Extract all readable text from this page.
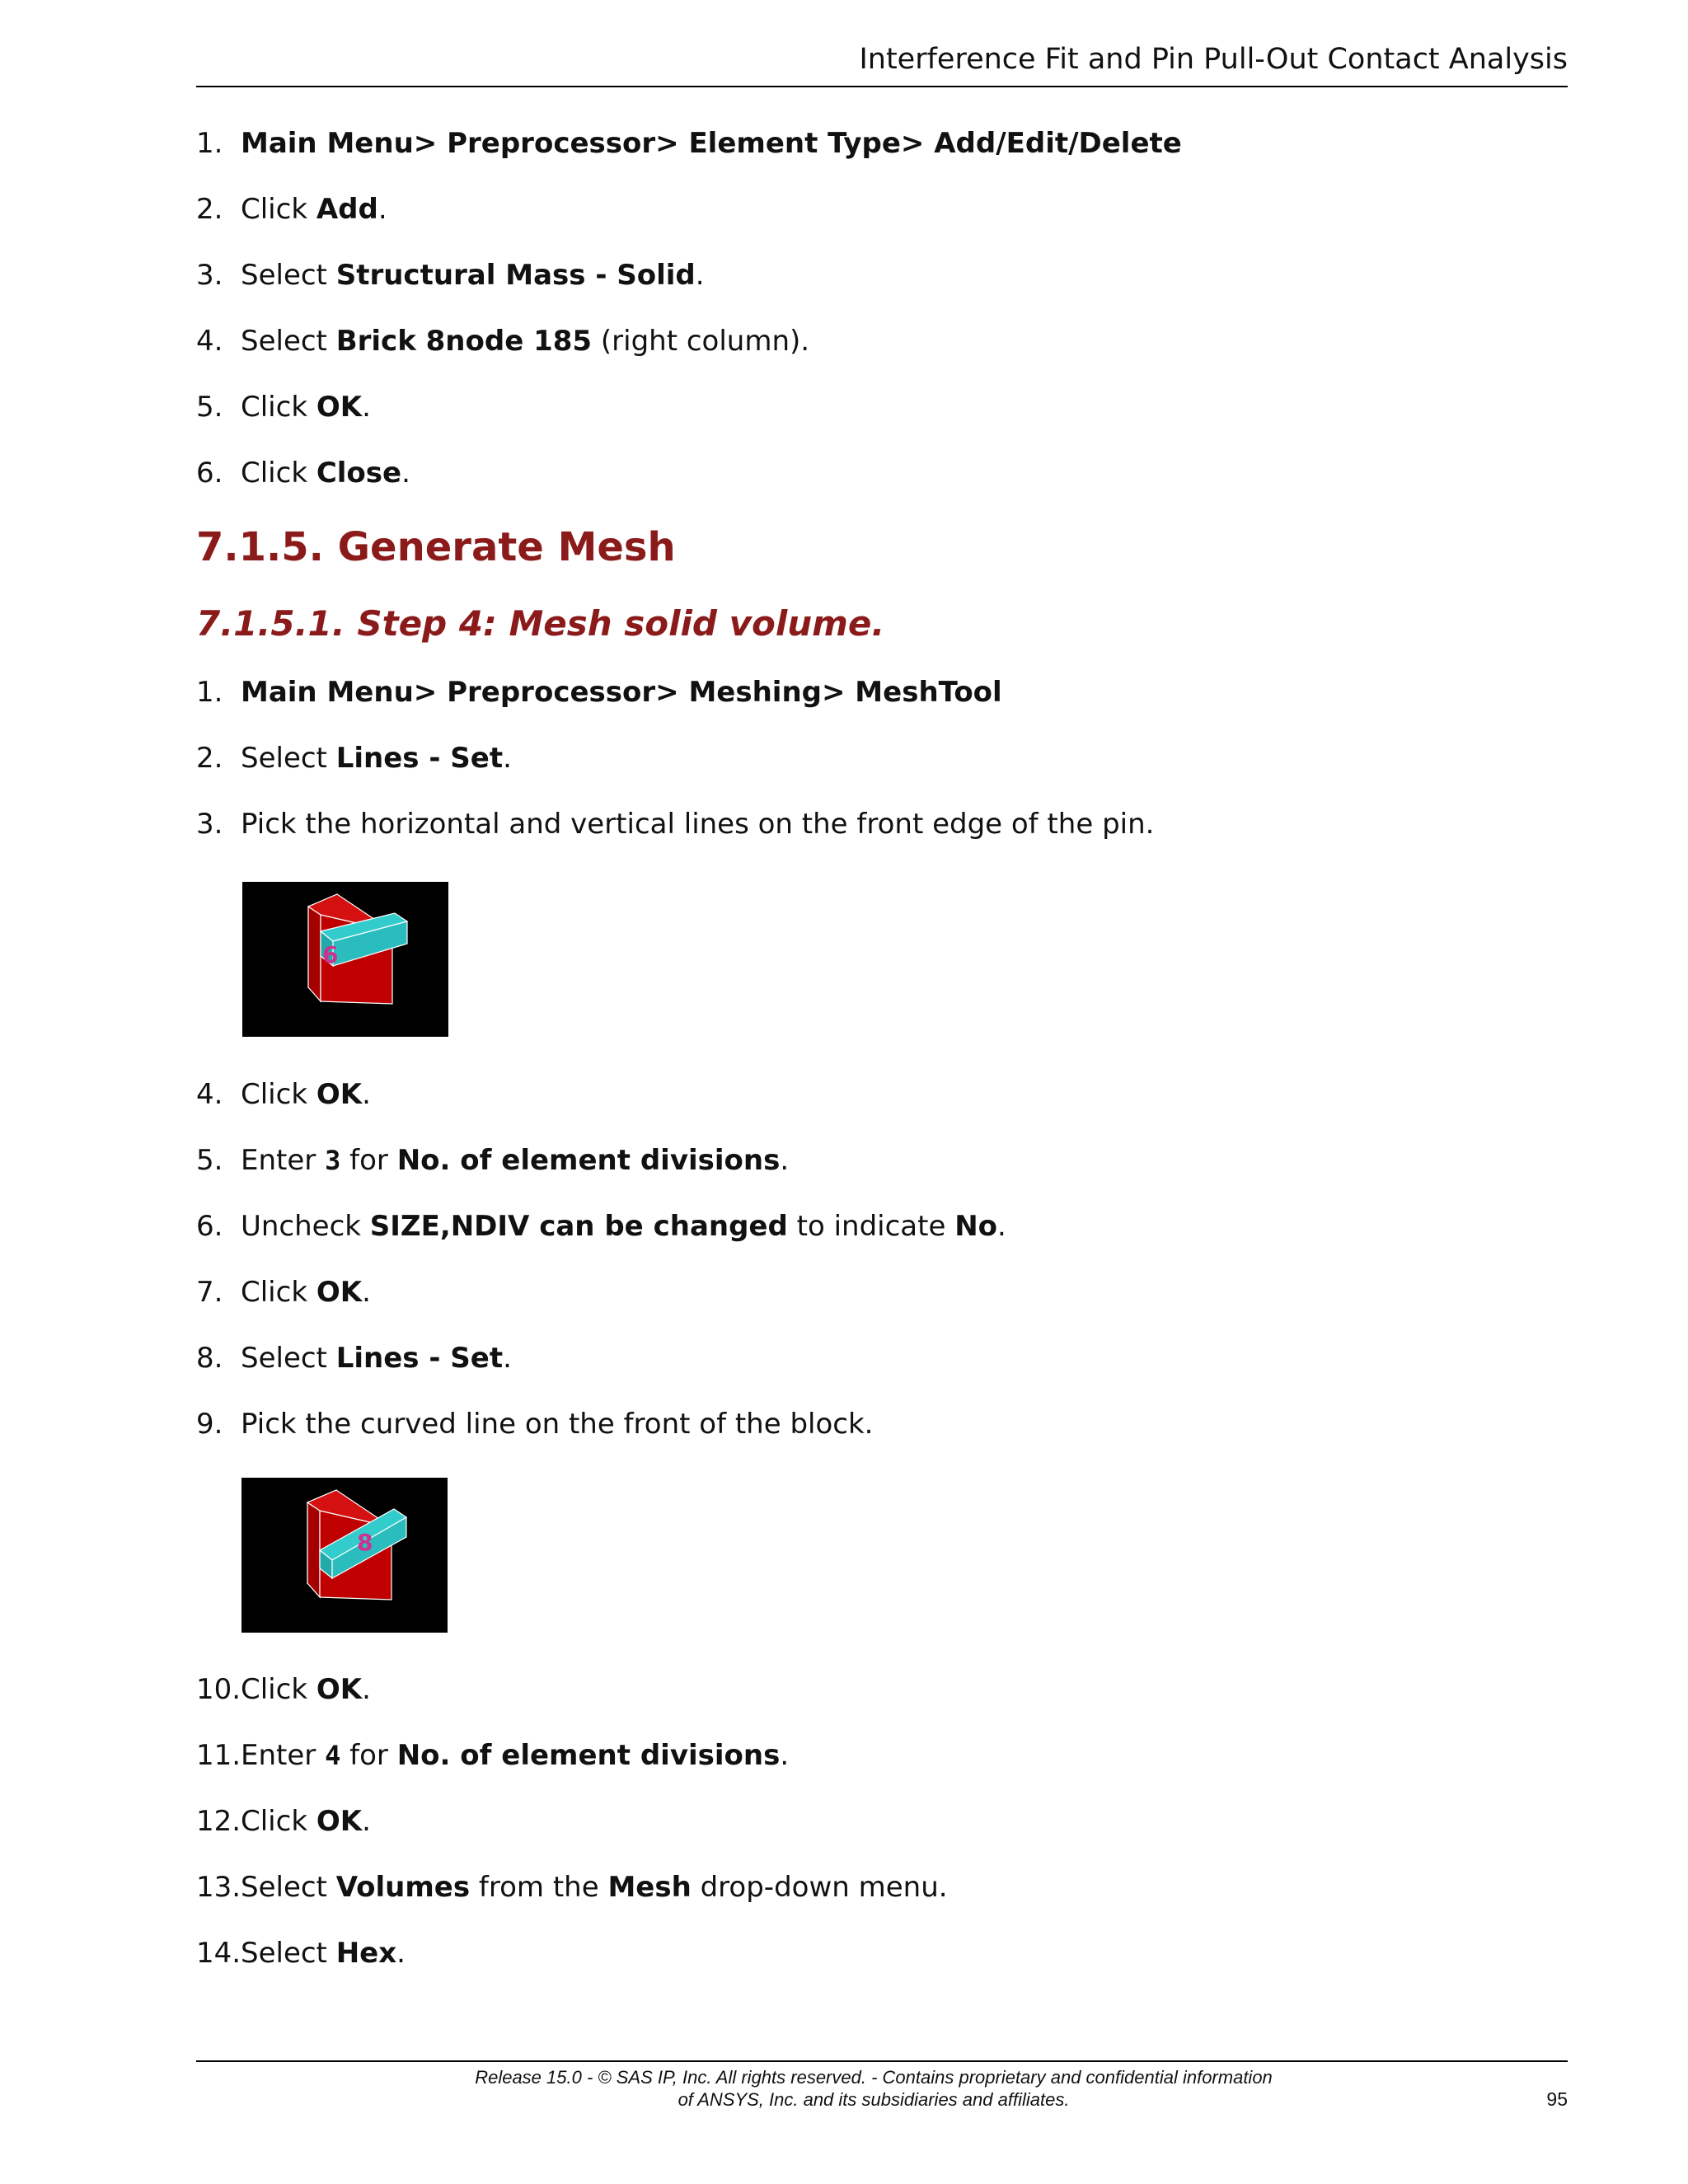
Interference Fit and Pin Pull-Out Contact Analysis
1. Main Menu> Preprocessor> Element Type> Add/Edit/Delete
2. Click Add.
3. Select Structural Mass - Solid.
4. Select Brick 8node 185 (right column).
5. Click OK.
6. Click Close.
7.1.5. Generate Mesh
7.1.5.1. Step 4: Mesh solid volume.
1. Main Menu> Preprocessor> Meshing> MeshTool
2. Select Lines - Set.
3. Pick the horizontal and vertical lines on the front edge of the pin.
6
4. Click OK.
5. Enter 3 for No. of element divisions.
6. Uncheck SIZE,NDIV can be changed to indicate No.
7. Click OK.
8. Select Lines - Set.
9. Pick the curved line on the front of the block.
8
10.Click OK.
11.Enter 4 for No. of element divisions.
12.Click OK.
13.Select Volumes from the Mesh drop-down menu.
14.Select Hex.
Release 15.0 - © SAS IP, Inc. All rights reserved. - Contains proprietary and confidential information
of ANSYS, Inc. and its subsidiaries and affiliates.	95
